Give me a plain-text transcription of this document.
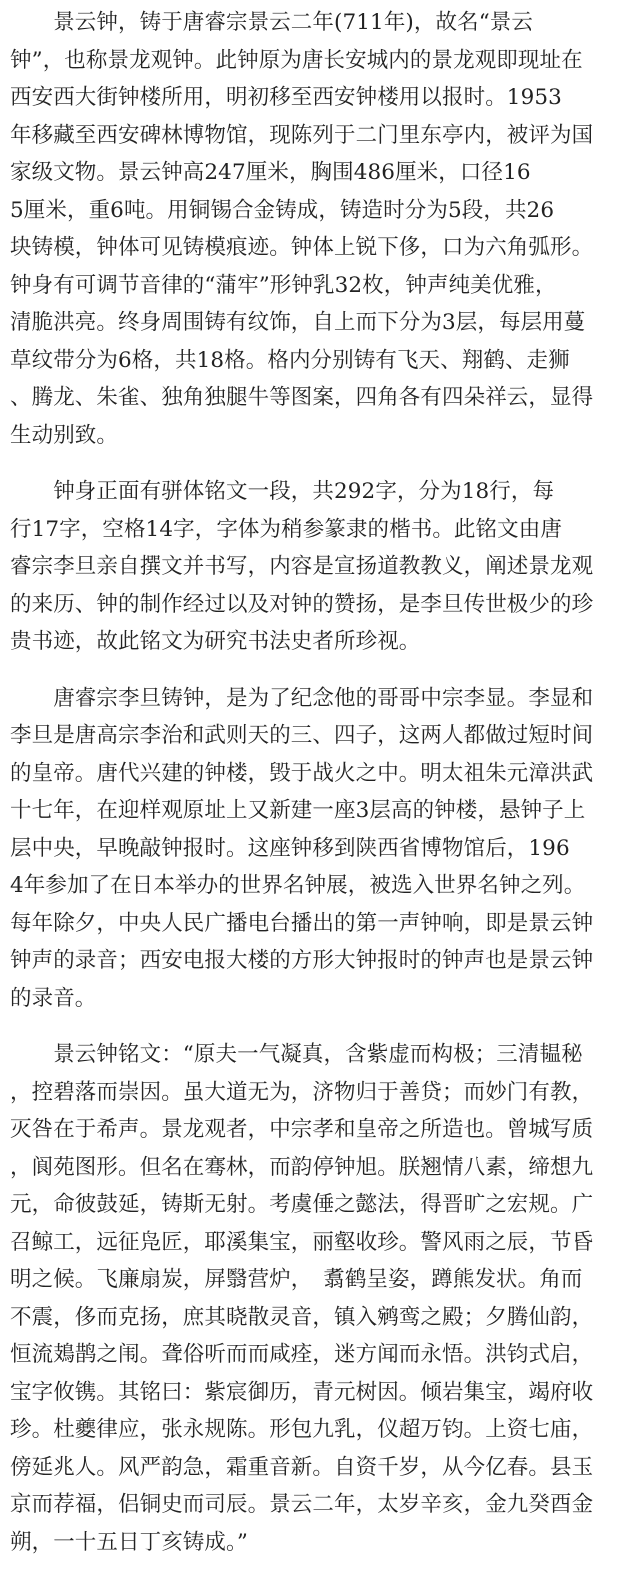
　　景云钟，铸于唐睿宗景云二年(711年)，故名“景云
钟”，也称景龙观钟。此钟原为唐长安城内的景龙观即现址在
西安西大街钟楼所用，明初移至西安钟楼用以报时。1953
年移藏至西安碑林博物馆，现陈列于二门里东亭内，被评为国
家级文物。景云钟高247厘米，胸围486厘米，口径16
5厘米，重6吨。用铜锡合金铸成，铸造时分为5段，共26
块铸模，钟体可见铸模痕迹。钟体上锐下侈，口为六角弧形。
钟身有可调节音律的“蒲牢”形钟乳32枚，钟声纯美优雅，
清脆洪亮。终身周围铸有纹饰，自上而下分为3层，每层用蔓
草纹带分为6格，共18格。格内分别铸有飞天、翔鹤、走狮
、腾龙、朱雀、独角独腿牛等图案，四角各有四朵祥云，显得
生动别致。
　　钟身正面有骈体铭文一段，共292字，分为18行，每
行17字，空格14字，字体为稍参篆隶的楷书。此铭文由唐
睿宗李旦亲自撰文并书写，内容是宣扬道教教义，阐述景龙观
的来历、钟的制作经过以及对钟的赞扬，是李旦传世极少的珍
贵书迹，故此铭文为研究书法史者所珍视。
　　唐睿宗李旦铸钟，是为了纪念他的哥哥中宗李显。李显和
李旦是唐高宗李治和武则天的三、四子，这两人都做过短时间
的皇帝。唐代兴建的钟楼，毁于战火之中。明太祖朱元漳洪武
十七年，在迎样观原址上又新建一座3层高的钟楼，悬钟子上
层中央，早晚敲钟报时。这座钟移到陕西省博物馆后，196
4年参加了在日本举办的世界名钟展，被选入世界名钟之列。
每年除夕，中央人民广播电台播出的第一声钟响，即是景云钟
钟声的录音；西安电报大楼的方形大钟报时的钟声也是景云钟
的录音。
　　景云钟铭文：“原夫一气凝真，含紫虚而构极；三清韫秘
，控碧落而崇因。虽大道无为，济物归于善贷；而妙门有教，
灭咎在于希声。景龙观者，中宗孝和皇帝之所造也。曾城写质
，阆苑图形。但名在骞林，而韵停钟旭。朕翘情八素，缔想九
元，命彼鼓延，铸斯无射。考虞倕之懿法，得晋旷之宏规。广
召鲸工，远征凫匠，耶溪集宝，丽壑收珍。警风雨之辰，节昏
明之候。飞廉扇炭，屏翳营炉，　翥鹤呈姿，蹲熊发状。角而
不震，侈而克扬，庶其晓散灵音，镇入鹓鸾之殿；夕腾仙韵，
恒流鳷鹊之闱。聋俗听而而咸痊，迷方闻而永悟。洪钧式启，
宝字攸镌。其铭曰：紫宸御历，青元树因。倾岩集宝，竭府收
珍。杜夔律应，张永规陈。形包九乳，仪超万钧。上资七庙，
傍延兆人。风严韵急，霜重音新。自资千岁，从今亿春。县玉
京而荐福，侣铜史而司辰。景云二年，太岁辛亥，金九癸酉金
朔，一十五日丁亥铸成。”
